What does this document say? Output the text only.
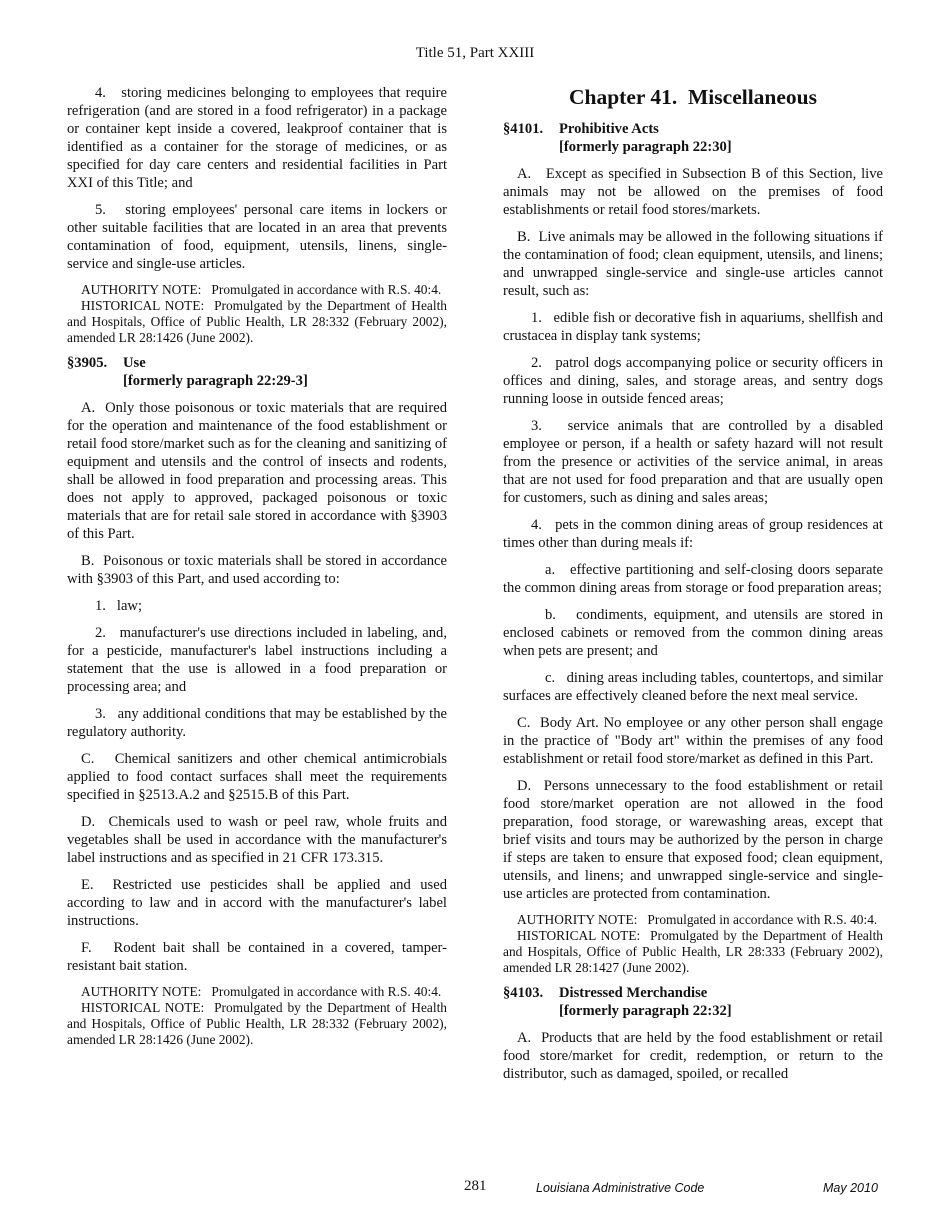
Title 51, Part XXIII

4.   storing medicines belonging to employees that require refrigeration (and are stored in a food refrigerator) in a package or container kept inside a covered, leakproof container that is identified as a container for the storage of medicines, or as specified for day care centers and residential facilities in Part XXI of this Title; and

5.   storing employees' personal care items in lockers or other suitable facilities that are located in an area that prevents contamination of food, equipment, utensils, linens, single-service and single-use articles.

AUTHORITY NOTE:   Promulgated in accordance with R.S. 40:4.

HISTORICAL NOTE:  Promulgated by the Department of Health and Hospitals, Office of Public Health, LR 28:332 (February 2002), amended LR 28:1426 (June 2002).

§3905. Use
[formerly paragraph 22:29-3]

A.  Only those poisonous or toxic materials that are required for the operation and maintenance of the food establishment or retail food store/market such as for the cleaning and sanitizing of equipment and utensils and the control of insects and rodents, shall be allowed in food preparation and processing areas. This does not apply to approved, packaged poisonous or toxic materials that are for retail sale stored in accordance with §3903 of this Part.

B.  Poisonous or toxic materials shall be stored in accordance with §3903 of this Part, and used according to:

1.   law;

2.   manufacturer's use directions included in labeling, and, for a pesticide, manufacturer's label instructions including a statement that the use is allowed in a food preparation or processing area; and

3.   any additional conditions that may be established by the regulatory authority.

C.   Chemical sanitizers and other chemical antimicrobials applied to food contact surfaces shall meet the requirements specified in §2513.A.2 and §2515.B of this Part.

D.  Chemicals used to wash or peel raw, whole fruits and vegetables shall be used in accordance with the manufacturer's label instructions and as specified in 21 CFR 173.315.

E.  Restricted use pesticides shall be applied and used according to law and in accord with the manufacturer's label instructions.

F.   Rodent bait shall be contained in a covered, tamper-resistant bait station.

AUTHORITY NOTE:   Promulgated in accordance with R.S. 40:4.

HISTORICAL NOTE:  Promulgated by the Department of Health and Hospitals, Office of Public Health, LR 28:332 (February 2002), amended LR 28:1426 (June 2002).

Chapter 41.  Miscellaneous
§4101. Prohibitive Acts
[formerly paragraph 22:30]

A.   Except as specified in Subsection B of this Section, live animals may not be allowed on the premises of food establishments or retail food stores/markets.

B.  Live animals may be allowed in the following situations if the contamination of food; clean equipment, utensils, and linens; and unwrapped single-service and single-use articles cannot result, such as:

1.   edible fish or decorative fish in aquariums, shellfish and crustacea in display tank systems;

2.   patrol dogs accompanying police or security officers in offices and dining, sales, and storage areas, and sentry dogs running loose in outside fenced areas;

3.   service animals that are controlled by a disabled employee or person, if a health or safety hazard will not result from the presence or activities of the service animal, in areas that are not used for food preparation and that are usually open for customers, such as dining and sales areas;

4.   pets in the common dining areas of group residences at times other than during meals if:

a.   effective partitioning and self-closing doors separate the common dining areas from storage or food preparation areas;

b.   condiments, equipment, and utensils are stored in enclosed cabinets or removed from the common dining areas when pets are present; and

c.   dining areas including tables, countertops, and similar surfaces are effectively cleaned before the next meal service.

C.  Body Art. No employee or any other person shall engage in the practice of "Body art" within the premises of any food establishment or retail food store/market as defined in this Part.

D.  Persons unnecessary to the food establishment or retail food store/market operation are not allowed in the food preparation, food storage, or warewashing areas, except that brief visits and tours may be authorized by the person in charge if steps are taken to ensure that exposed food; clean equipment, utensils, and linens; and unwrapped single-service and single-use articles are protected from contamination.

AUTHORITY NOTE:   Promulgated in accordance with R.S. 40:4.

HISTORICAL NOTE:  Promulgated by the Department of Health and Hospitals, Office of Public Health, LR 28:333 (February 2002), amended LR 28:1427 (June 2002).

§4103. Distressed Merchandise
[formerly paragraph 22:32]

A.  Products that are held by the food establishment or retail food store/market for credit, redemption, or return to the distributor, such as damaged, spoiled, or recalled

281	Louisiana Administrative Code	May 2010
